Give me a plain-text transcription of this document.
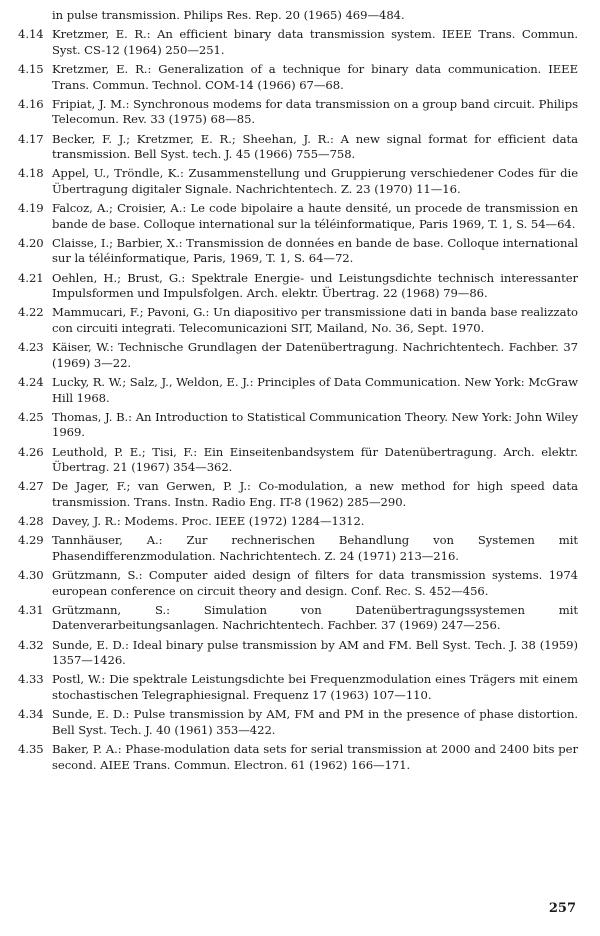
in pulse transmission. Philips Res. Rep. 20 (1965) 469—484.
4.14 Kretzmer, E. R.: An efficient binary data transmission system. IEEE Trans. Commun. Syst. CS-12 (1964) 250—251.
4.15 Kretzmer, E. R.: Generalization of a technique for binary data communication. IEEE Trans. Commun. Technol. COM-14 (1966) 67—68.
4.16 Fripiat, J. M.: Synchronous modems for data transmission on a group band circuit. Philips Telecomun. Rev. 33 (1975) 68—85.
4.17 Becker, F. J.; Kretzmer, E. R.; Sheehan, J. R.: A new signal format for efficient data transmission. Bell Syst. tech. J. 45 (1966) 755—758.
4.18 Appel, U., Tröndle, K.: Zusammenstellung und Gruppierung verschiedener Codes für die Übertragung digitaler Signale. Nachrichtentech. Z. 23 (1970) 11—16.
4.19 Falcoz, A.; Croisier, A.: Le code bipolaire a haute densité, un procede de transmission en bande de base. Colloque international sur la téléinformatique, Paris 1969, T. 1, S. 54—64.
4.20 Claisse, I.; Barbier, X.: Transmission de données en bande de base. Colloque international sur la téléinformatique, Paris, 1969, T. 1, S. 64—72.
4.21 Oehlen, H.; Brust, G.: Spektrale Energie- und Leistungsdichte technisch interessanter Impulsformen und Impulsfolgen. Arch. elektr. Übertrag. 22 (1968) 79—86.
4.22 Mammucari, F.; Pavoni, G.: Un diapositivo per transmissione dati in banda base realizzato con circuiti integrati. Telecomunicazioni SIT, Mailand, No. 36, Sept. 1970.
4.23 Käiser, W.: Technische Grundlagen der Datenübertragung. Nachrichtentech. Fachber. 37 (1969) 3—22.
4.24 Lucky, R. W.; Salz, J., Weldon, E. J.: Principles of Data Communication. New York: McGraw Hill 1968.
4.25 Thomas, J. B.: An Introduction to Statistical Communication Theory. New York: John Wiley 1969.
4.26 Leuthold, P. E.; Tisi, F.: Ein Einseitenbandsystem für Datenübertragung. Arch. elektr. Übertrag. 21 (1967) 354—362.
4.27 De Jager, F.; van Gerwen, P. J.: Co-modulation, a new method for high speed data transmission. Trans. Instn. Radio Eng. IT-8 (1962) 285—290.
4.28 Davey, J. R.: Modems. Proc. IEEE (1972) 1284—1312.
4.29 Tannhäuser, A.: Zur rechnerischen Behandlung von Systemen mit Phasendifferenzmodulation. Nachrichtentech. Z. 24 (1971) 213—216.
4.30 Grützmann, S.: Computer aided design of filters for data transmission systems. 1974 european conference on circuit theory and design. Conf. Rec. S. 452—456.
4.31 Grützmann, S.: Simulation von Datenübertragungssystemen mit Datenverarbeitungsanlagen. Nachrichtentech. Fachber. 37 (1969) 247—256.
4.32 Sunde, E. D.: Ideal binary pulse transmission by AM and FM. Bell Syst. Tech. J. 38 (1959) 1357—1426.
4.33 Postl, W.: Die spektrale Leistungsdichte bei Frequenzmodulation eines Trägers mit einem stochastischen Telegraphiesignal. Frequenz 17 (1963) 107—110.
4.34 Sunde, E. D.: Pulse transmission by AM, FM and PM in the presence of phase distortion. Bell Syst. Tech. J. 40 (1961) 353—422.
4.35 Baker, P. A.: Phase-modulation data sets for serial transmission at 2000 and 2400 bits per second. AIEE Trans. Commun. Electron. 61 (1962) 166—171.
257
